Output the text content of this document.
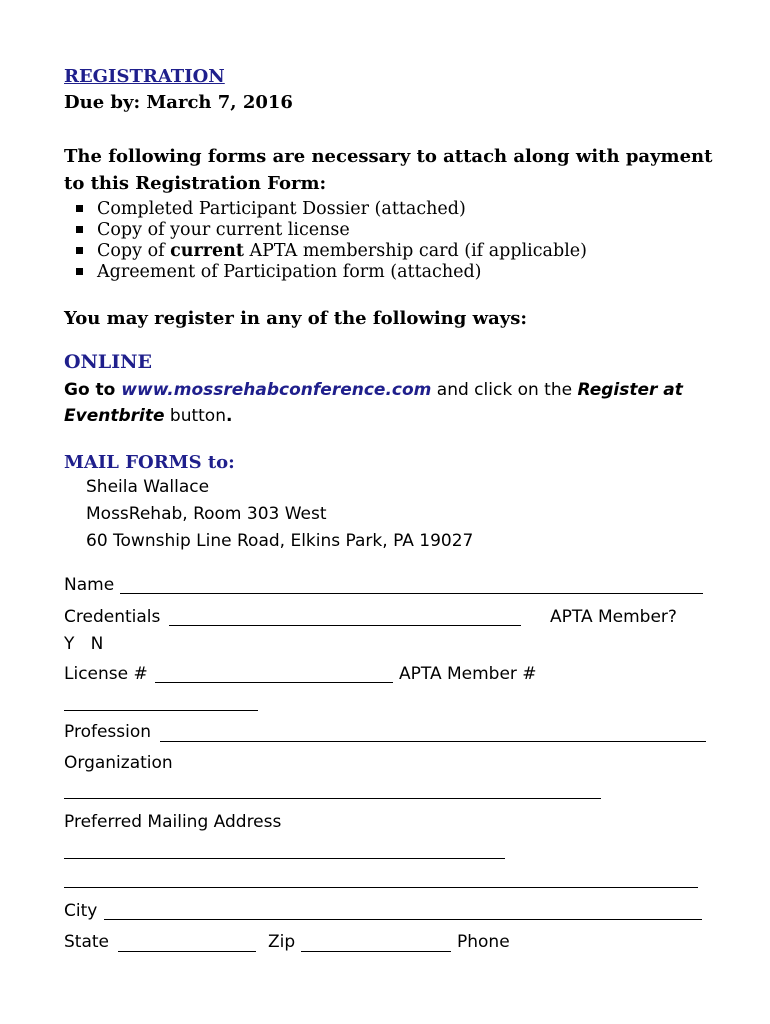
REGISTRATION
Due by: March 7, 2016
The following forms are necessary to attach along with payment
to this Registration Form:
Completed Participant Dossier (attached)
Copy of your current license
Copy of current APTA membership card (if applicable)
Agreement of Participation form (attached)
You may register in any of the following ways:
ONLINE
Go to www.mossrehabconference.com and click on the Register at
Eventbrite button.
MAIL FORMS to:
Sheila Wallace
MossRehab, Room 303 West
60 Township Line Road, Elkins Park, PA 19027
Name
Credentials	APTA Member?
Y   N
License #	APTA Member #
Profession
Organization
Preferred Mailing Address
City
State	Zip	Phone
